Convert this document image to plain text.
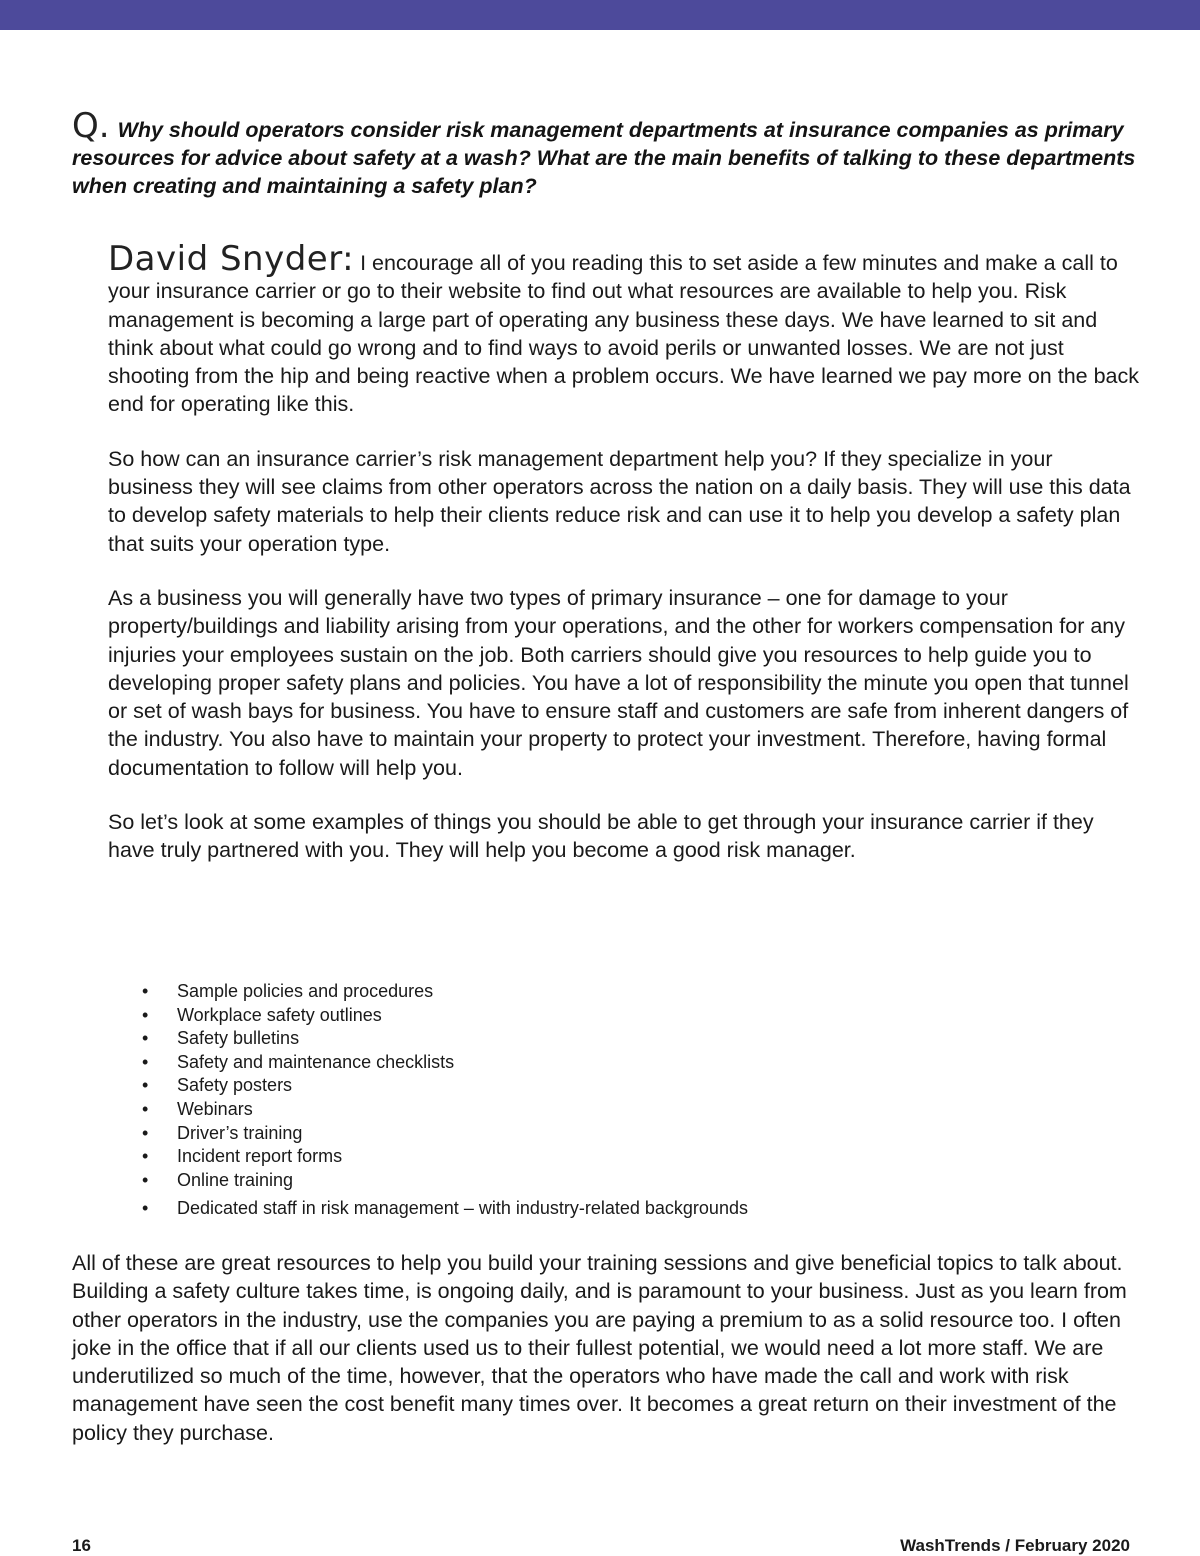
Q. Why should operators consider risk management departments at insurance companies as primary resources for advice about safety at a wash? What are the main benefits of talking to these departments when creating and maintaining a safety plan?

David Snyder: I encourage all of you reading this to set aside a few minutes and make a call to your insurance carrier or go to their website to find out what resources are available to help you. Risk management is becoming a large part of operating any business these days. We have learned to sit and think about what could go wrong and to find ways to avoid perils or unwanted losses. We are not just shooting from the hip and being reactive when a problem occurs. We have learned we pay more on the back end for operating like this.

So how can an insurance carrier’s risk management department help you? If they specialize in your business they will see claims from other operators across the nation on a daily basis. They will use this data to develop safety materials to help their clients reduce risk and can use it to help you develop a safety plan that suits your operation type.

As a business you will generally have two types of primary insurance – one for damage to your property/buildings and liability arising from your operations, and the other for workers compensation for any injuries your employees sustain on the job. Both carriers should give you resources to help guide you to developing proper safety plans and policies. You have a lot of responsibility the minute you open that tunnel or set of wash bays for business. You have to ensure staff and customers are safe from inherent dangers of the industry. You also have to maintain your property to protect your investment. Therefore, having formal documentation to follow will help you.

So let’s look at some examples of things you should be able to get through your insurance carrier if they have truly partnered with you. They will help you become a good risk manager.

• Sample policies and procedures
• Workplace safety outlines
• Safety bulletins
• Safety and maintenance checklists
• Safety posters
• Webinars
• Driver’s training
• Incident report forms
• Online training
• Dedicated staff in risk management – with industry-related backgrounds

All of these are great resources to help you build your training sessions and give beneficial topics to talk about. Building a safety culture takes time, is ongoing daily, and is paramount to your business. Just as you learn from other operators in the industry, use the companies you are paying a premium to as a solid resource too. I often joke in the office that if all our clients used us to their fullest potential, we would need a lot more staff. We are underutilized so much of the time, however, that the operators who have made the call and work with risk management have seen the cost benefit many times over. It becomes a great return on their investment of the policy they purchase.

16	WashTrends / February 2020
